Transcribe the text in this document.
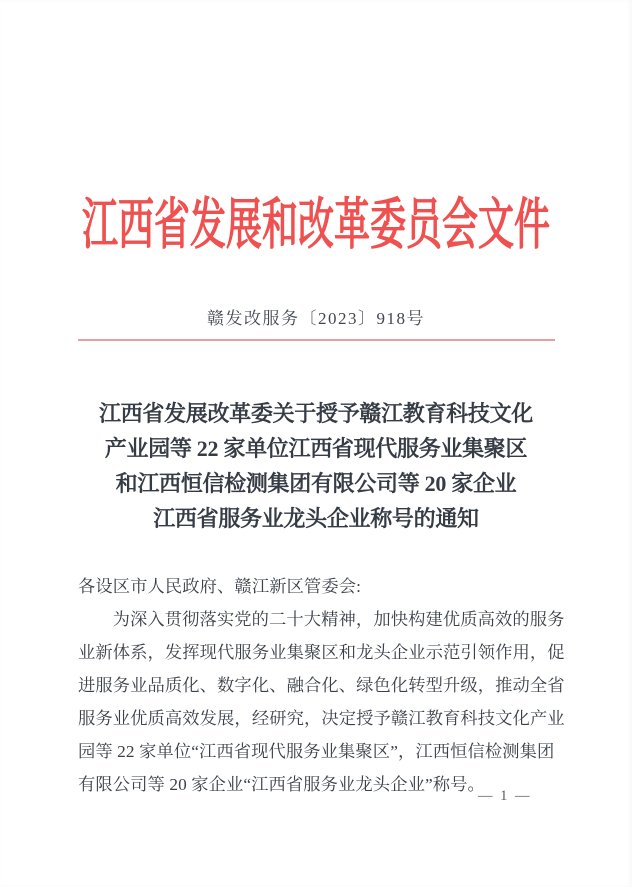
江西省发展和改革委员会文件
赣发改服务〔2023〕918号
江西省发展改革委关于授予赣江教育科技文化
产业园等 22 家单位江西省现代服务业集聚区
和江西恒信检测集团有限公司等 20 家企业
江西省服务业龙头企业称号的通知
各设区市人民政府、赣江新区管委会:
为深入贯彻落实党的二十大精神，加快构建优质高效的服务
业新体系，发挥现代服务业集聚区和龙头企业示范引领作用，促
进服务业品质化、数字化、融合化、绿色化转型升级，推动全省
服务业优质高效发展，经研究，决定授予赣江教育科技文化产业
园等 22 家单位“江西省现代服务业集聚区”，江西恒信检测集团
有限公司等 20 家企业“江西省服务业龙头企业”称号。
— 1 —
